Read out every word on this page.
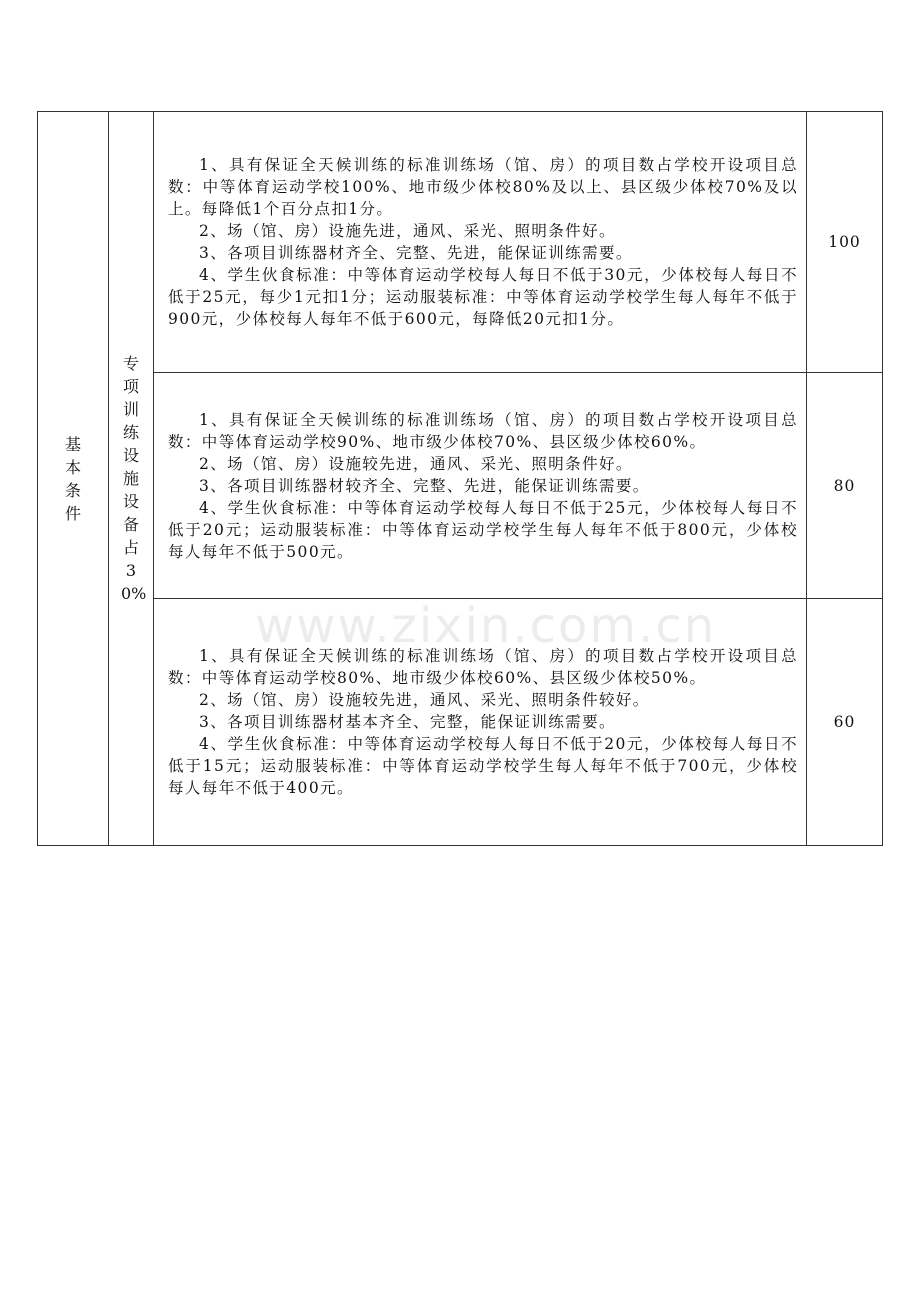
基本条件	专项训练设施设备占30%	1、具有保证全天候训练的标准训练场（馆、房）的项目数占学校开设项目总数：中等体育运动学校100%、地市级少体校80%及以上、县区级少体校70%及以上。每降低1个百分点扣1分。

2、场（馆、房）设施先进，通风、采光、照明条件好。

3、各项目训练器材齐全、完整、先进，能保证训练需要。

4、学生伙食标准：中等体育运动学校每人每日不低于30元，少体校每人每日不低于25元，每少1元扣1分；运动服装标准：中等体育运动学校学生每人每年不低于900元，少体校每人每年不低于600元，每降低20元扣1分。	100

		1、具有保证全天候训练的标准训练场（馆、房）的项目数占学校开设项目总数：中等体育运动学校90%、地市级少体校70%、县区级少体校60%。

2、场（馆、房）设施较先进，通风、采光、照明条件好。

3、各项目训练器材较齐全、完整、先进，能保证训练需要。

4、学生伙食标准：中等体育运动学校每人每日不低于25元，少体校每人每日不低于20元；运动服装标准：中等体育运动学校学生每人每年不低于800元，少体校每人每年不低于500元。	80

		1、具有保证全天候训练的标准训练场（馆、房）的项目数占学校开设项目总数：中等体育运动学校80%、地市级少体校60%、县区级少体校50%。

2、场（馆、房）设施较先进，通风、采光、照明条件较好。

3、各项目训练器材基本齐全、完整，能保证训练需要。

4、学生伙食标准：中等体育运动学校每人每日不低于20元，少体校每人每日不低于15元；运动服装标准：中等体育运动学校学生每人每年不低于700元，少体校每人每年不低于400元。	60
www.zixin.com.cn
